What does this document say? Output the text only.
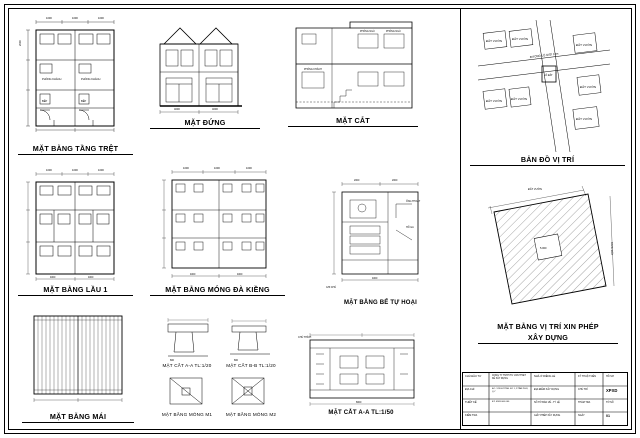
1000	1000	1000
2000
PHÒNG KHÁCH	PHÒNG KHÁCH
BẾP	BẾP
MẶT BẰNG TẦNG TRỆT
4000	4000
MẶT ĐỨNG
PHÒNG NGỦ	PHÒNG NGỦ
PHÒNG KHÁCH
MẶT CẮT
ĐẤT VƯỜN	ĐẤT VƯỜN
ĐẤT VƯỜN	ĐẤT VƯỜN
ĐẤT VƯỜN
ĐẤT VƯỜN
ĐẤT VƯỜN
LÔ ĐẤT
ĐƯỜNG LỘ GIỚI 12m
BẢN ĐỒ VỊ TRÍ
1000	1000	1000
4000	4000
MẶT BẰNG LẦU 1
1000	1000	1000
4000	4000
MẶT BẰNG MÓNG ĐÀ KIỀNG
2000	2000
4000
ỐNG THOÁT
HỐ GA
GHI CHÚ
MẶT BẰNG BỂ TỰ HOẠI
5.000
ĐẤT VƯỜN
RANH ĐẤT
MẶT BẰNG VỊ TRÍ XIN PHÉP
XÂY DỰNG
MẶT BẰNG MÁI
800
MẶT CẮT A-A TL:1/20
800
MẶT CẮT B-B TL:1/20
MẶT BẰNG MÓNG M1	MẶT BẰNG MÓNG M2
CHÚ THÍCH:
8000
MẶT CẮT A-A TL:1/50
CHỦ ĐẦU TƯ	CÔNG TY TNHH TƯ VẤN THIẾT KẾ XÂY DỰNG
NHÀ Ở RIÊNG LẺ	KỸ THUẬT VIÊN	HỒ SƠ
ĐỊA CHỈ	ĐC: 123 ĐƯỜNG SỐ 1, P.TÂN PHÚ, Q.7
ĐỊA ĐIỂM XÂY DỰNG	CHỦ TRÌ	XPXD
THIẾT KẾ	ĐT: 0903 000 000	SỐ TỜ BẢN VẼ - TỶ LỆ	THẨM TRA	TỜ SỐ
KIỂM TRA	GIẤY PHÉP XÂY DỰNG	NGÀY	01
